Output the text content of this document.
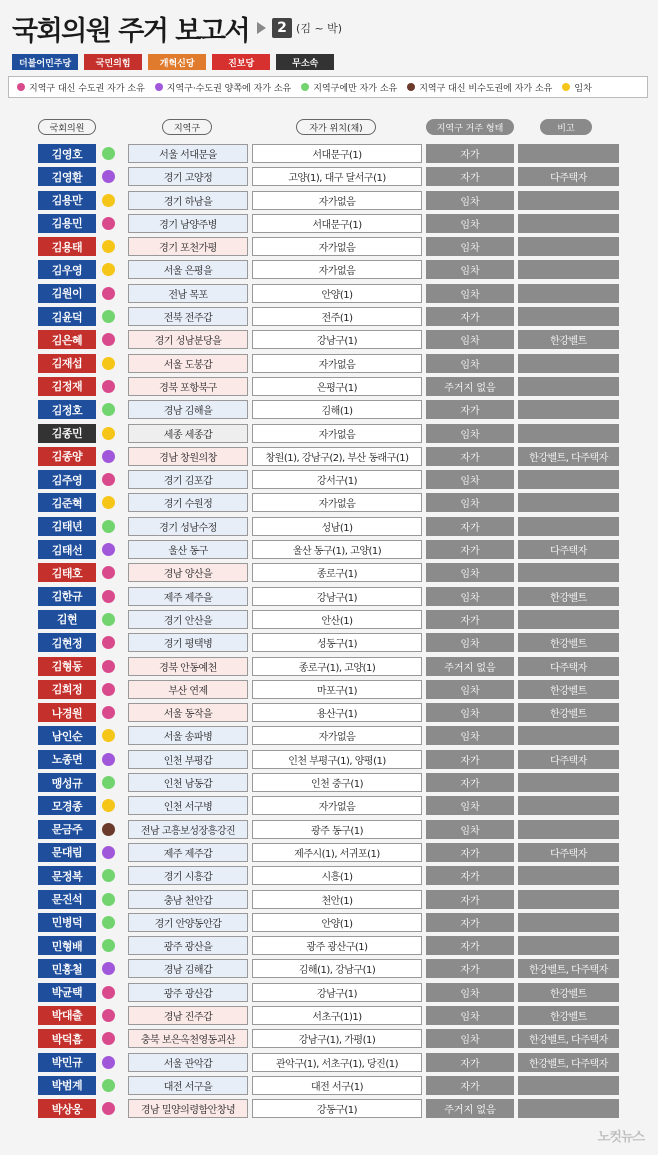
국회의원 주거 보고서	2 (김 ~ 박)
더불어민주당	국민의힘	개혁신당	진보당	무소속
지역구 대신 수도권 자가 소유 지역구·수도권 양쪽에 자가 소유 지역구에만 자가 소유 지역구 대신 비수도권에 자가 소유 임차
국회의원	지역구	자가 위치(채)	지역구 거주 형태	비고
김영호	서울 서대문을	서대문구(1)	자가
김영환	경기 고양정	고양(1), 대구 달서구(1)	자가	다주택자
김용만	경기 하남을	자가없음	임차
김용민	경기 남양주병	서대문구(1)	임차
김용태	경기 포천가평	자가없음	임차
김우영	서울 은평을	자가없음	임차
김원이	전남 목포	안양(1)	임차
김윤덕	전북 전주갑	전주(1)	자가
김은혜	경기 성남분당을	강남구(1)	임차	한강벨트
김재섭	서울 도봉갑	자가없음	임차
김정재	경북 포항북구	은평구(1)	주거지 없음
김정호	경남 김해을	김해(1)	자가
김종민	세종 세종갑	자가없음	임차
김종양	경남 창원의창	창원(1), 강남구(2), 부산 동래구(1)	자가	한강벨트, 다주택자
김주영	경기 김포갑	강서구(1)	임차
김준혁	경기 수원정	자가없음	임차
김태년	경기 성남수정	성남(1)	자가
김태선	울산 동구	울산 동구(1), 고양(1)	자가	다주택자
김태호	경남 양산을	종로구(1)	임차
김한규	제주 제주을	강남구(1)	임차	한강벨트
김현	경기 안산을	안산(1)	자가
김현정	경기 평택병	성동구(1)	임차	한강벨트
김형동	경북 안동예천	종로구(1), 고양(1)	주거지 없음	다주택자
김희정	부산 연제	마포구(1)	임차	한강벨트
나경원	서울 동작을	용산구(1)	임차	한강벨트
남인순	서울 송파병	자가없음	임차
노종면	인천 부평갑	인천 부평구(1), 양평(1)	자가	다주택자
맹성규	인천 남동갑	인천 중구(1)	자가
모경종	인천 서구병	자가없음	임차
문금주	전남 고흥보성장흥강진	광주 동구(1)	임차
문대림	제주 제주갑	제주시(1), 서귀포(1)	자가	다주택자
문정복	경기 시흥갑	시흥(1)	자가
문진석	충남 천안갑	천안(1)	자가
민병덕	경기 안양동안갑	안양(1)	자가
민형배	광주 광산을	광주 광산구(1)	자가
민홍철	경남 김해갑	김해(1), 강남구(1)	자가	한강벨트, 다주택자
박균택	광주 광산갑	강남구(1)	임차	한강벨트
박대출	경남 진주갑	서초구(1)1)	임차	한강벨트
박덕흠	충북 보은옥천영동괴산	강남구(1), 가평(1)	임차	한강벨트, 다주택자
박민규	서울 관악갑	관악구(1), 서초구(1), 당진(1)	자가	한강벨트, 다주택자
박범계	대전 서구을	대전 서구(1)	자가
박상웅	경남 밀양의령함안창녕	강동구(1)	주거지 없음
노컷뉴스
